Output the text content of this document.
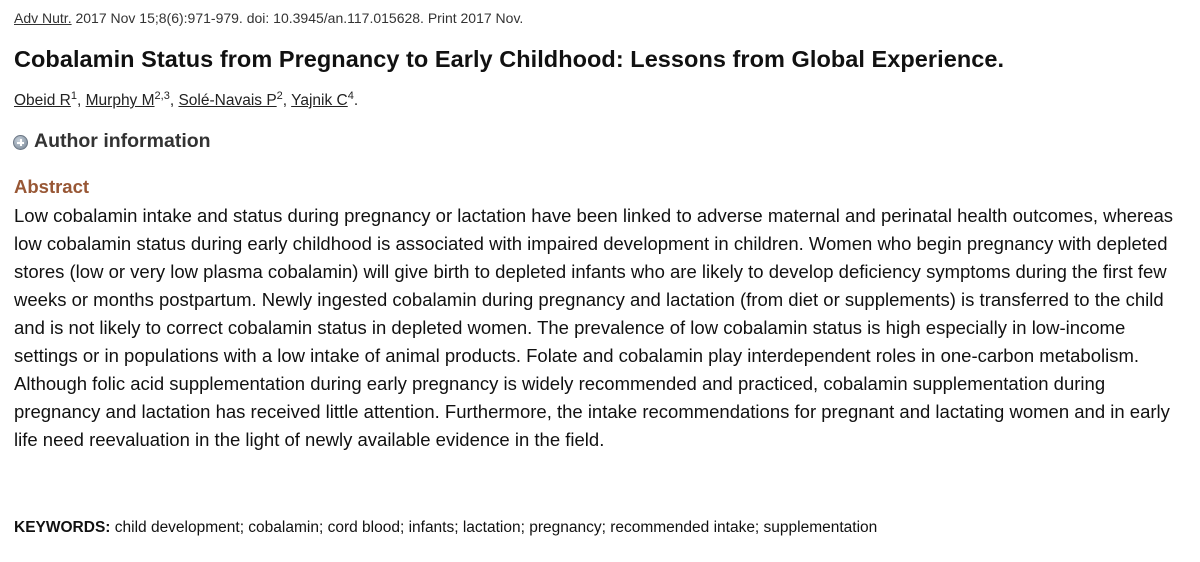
Adv Nutr. 2017 Nov 15;8(6):971-979. doi: 10.3945/an.117.015628. Print 2017 Nov.
Cobalamin Status from Pregnancy to Early Childhood: Lessons from Global Experience.
Obeid $R^1$, Murphy M$^{2,3}$, Solé-Navais $P^2$, Yajnik $C^4$.
Author information
Abstract

Low cobalamin intake and status during pregnancy or lactation have been linked to adverse maternal and perinatal health outcomes, whereas low cobalamin status during early childhood is associated with impaired development in children. Women who begin pregnancy with depleted stores (low or very low plasma cobalamin) will give birth to depleted infants who are likely to develop deficiency symptoms during the first few weeks or months postpartum. Newly ingested cobalamin during pregnancy and lactation (from diet or supplements) is transferred to the child and is not likely to correct cobalamin status in depleted women. The prevalence of low cobalamin status is high especially in low-income settings or in populations with a low intake of animal products. Folate and cobalamin play interdependent roles in one-carbon metabolism. Although folic acid supplementation during early pregnancy is widely recommended and practiced, cobalamin supplementation during pregnancy and lactation has received little attention. Furthermore, the intake recommendations for pregnant and lactating women and in early life need reevaluation in the light of newly available evidence in the field.

KEYWORDS: child development; cobalamin; cord blood; infants; lactation; pregnancy; recommended intake; supplementation
